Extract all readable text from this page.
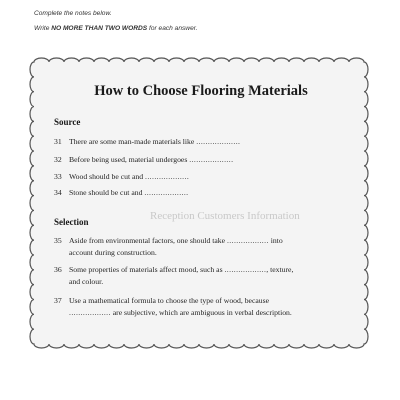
Complete the notes below.
Write NO MORE THAN TWO WORDS for each answer.
Reception Customers Information
How to Choose Flooring Materials
Source
31 There are some man-made materials like ...................
32 Before being used, material undergoes ...................
33 Wood should be cut and ...................
34 Stone should be cut and ...................
Selection
35 Aside from environmental factors, one should take .................. into
account during construction.
36 Some properties of materials affect mood, such as .................., texture,
and colour.
37 Use a mathematical formula to choose the type of wood, because
.................. are subjective, which are ambiguous in verbal description.
